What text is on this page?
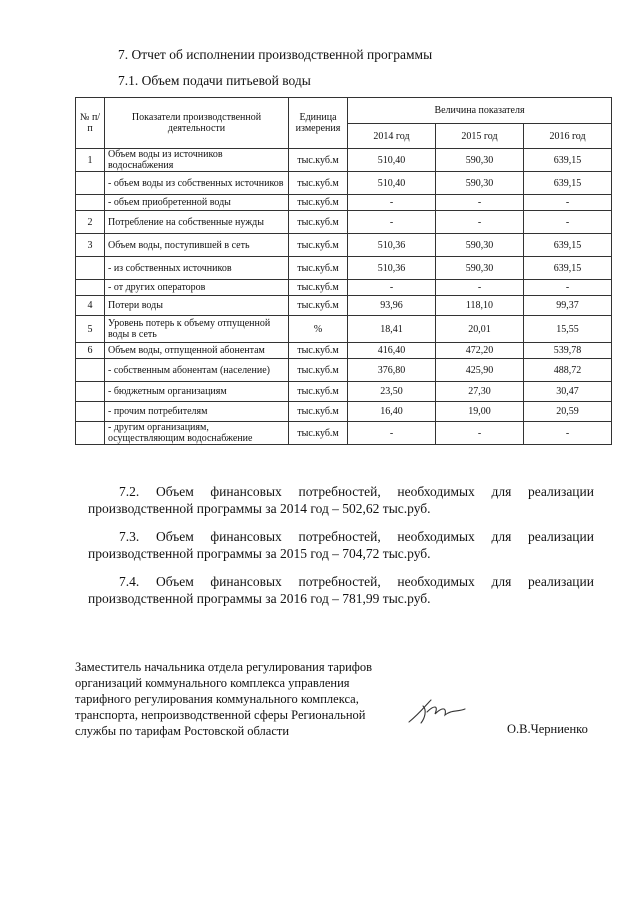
7. Отчет об исполнении производственной программы
7.1. Объем подачи питьевой воды
№ п/п	Показатели производственной деятельности	Единица измерения	Величина показателя		
			2014 год	2015 год	2016 год
1	Объем воды из источников водоснабжения	тыс.куб.м	510,40	590,30	639,15
	- объем воды из собственных источников	тыс.куб.м	510,40	590,30	639,15
	- объем приобретенной воды	тыс.куб.м	-	-	-
2	Потребление на собственные нужды	тыс.куб.м	-	-	-
3	Объем воды, поступившей в сеть	тыс.куб.м	510,36	590,30	639,15
	- из собственных источников	тыс.куб.м	510,36	590,30	639,15
	- от других операторов	тыс.куб.м	-	-	-
4	Потери воды	тыс.куб.м	93,96	118,10	99,37
5	Уровень потерь к объему отпущенной воды в сеть	%	18,41	20,01	15,55
6	Объем воды, отпущенной абонентам	тыс.куб.м	416,40	472,20	539,78
	- собственным абонентам (население)	тыс.куб.м	376,80	425,90	488,72
	- бюджетным организациям	тыс.куб.м	23,50	27,30	30,47
	- прочим потребителям	тыс.куб.м	16,40	19,00	20,59
	- другим организациям, осуществляющим водоснабжение	тыс.куб.м	-	-	-
7.2. Объем финансовых потребностей, необходимых для реализации
производственной программы за 2014 год – 502,62 тыс.руб.
7.3. Объем финансовых потребностей, необходимых для реализации
производственной программы за 2015 год – 704,72 тыс.руб.
7.4. Объем финансовых потребностей, необходимых для реализации
производственной программы за 2016 год – 781,99 тыс.руб.
Заместитель начальника отдела регулирования тарифов
организаций коммунального комплекса управления
тарифного регулирования коммунального комплекса,
транспорта, непроизводственной сферы Региональной
службы по тарифам Ростовской области	О.В.Черниенко
